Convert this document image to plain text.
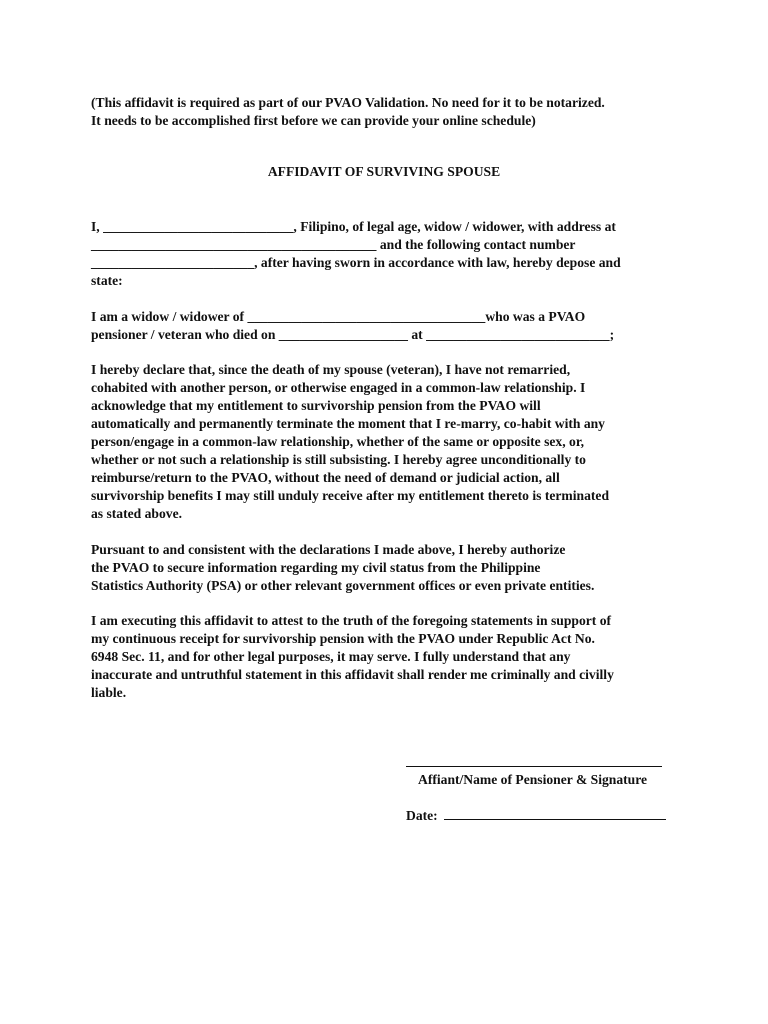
(This affidavit is required as part of our PVAO Validation. No need for it to be notarized.
It needs to be accomplished first before we can provide your online schedule)

AFFIDAVIT OF SURVIVING SPOUSE

I, ____________________________, Filipino, of legal age, widow / widower, with address at
__________________________________________ and the following contact number
________________________, after having sworn in accordance with law, hereby depose and
state:

I am a widow / widower of ___________________________________who was a PVAO
pensioner / veteran who died on ___________________ at ___________________________;

I hereby declare that, since the death of my spouse (veteran), I have not remarried,
cohabited with another person, or otherwise engaged in a common-law relationship. I
acknowledge that my entitlement to survivorship pension from the PVAO will
automatically and permanently terminate the moment that I re-marry, co-habit with any
person/engage in a common-law relationship, whether of the same or opposite sex, or,
whether or not such a relationship is still subsisting. I hereby agree unconditionally to
reimburse/return to the PVAO, without the need of demand or judicial action, all
survivorship benefits I may still unduly receive after my entitlement thereto is terminated
as stated above.

Pursuant to and consistent with the declarations I made above, I hereby authorize
the PVAO to secure information regarding my civil status from the Philippine
Statistics Authority (PSA) or other relevant government offices or even private entities.

I am executing this affidavit to attest to the truth of the foregoing statements in support of
my continuous receipt for survivorship pension with the PVAO under Republic Act No.
6948 Sec. 11, and for other legal purposes, it may serve. I fully understand that any
inaccurate and untruthful statement in this affidavit shall render me criminally and civilly
liable.

Affiant/Name of Pensioner & Signature

Date:
